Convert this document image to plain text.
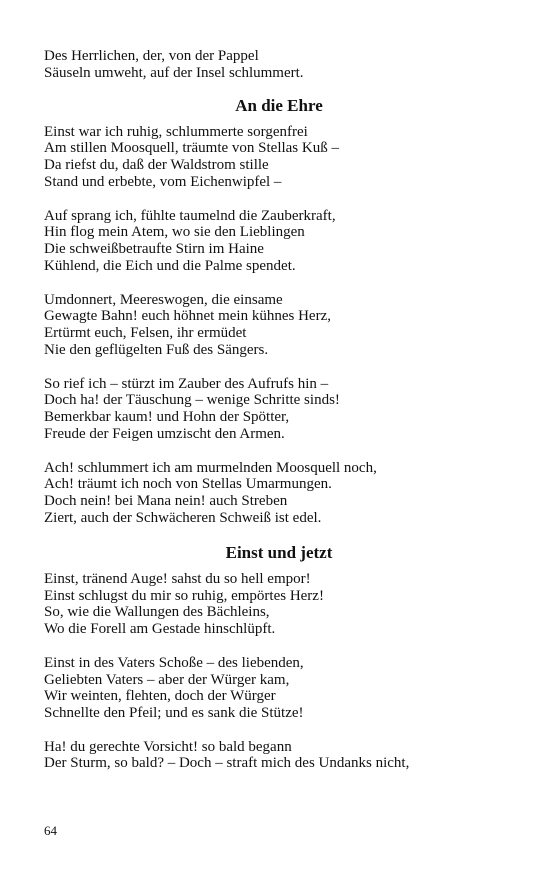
Des Herrlichen, der, von der Pappel
Säuseln umweht, auf der Insel schlummert.
An die Ehre
Einst war ich ruhig, schlummerte sorgenfrei
Am stillen Moosquell, träumte von Stellas Kuß –
Da riefst du, daß der Waldstrom stille
Stand und erbebte, vom Eichenwipfel –
Auf sprang ich, fühlte taumelnd die Zauberkraft,
Hin flog mein Atem, wo sie den Lieblingen
Die schweißbetraufte Stirn im Haine
Kühlend, die Eich und die Palme spendet.
Umdonnert, Meereswogen, die einsame
Gewagte Bahn! euch höhnet mein kühnes Herz,
Ertürmt euch, Felsen, ihr ermüdet
Nie den geflügelten Fuß des Sängers.
So rief ich – stürzt im Zauber des Aufrufs hin –
Doch ha! der Täuschung – wenige Schritte sinds!
Bemerkbar kaum! und Hohn der Spötter,
Freude der Feigen umzischt den Armen.
Ach! schlummert ich am murmelnden Moosquell noch,
Ach! träumt ich noch von Stellas Umarmungen.
Doch nein! bei Mana nein! auch Streben
Ziert, auch der Schwächeren Schweiß ist edel.
Einst und jetzt
Einst, tränend Auge! sahst du so hell empor!
Einst schlugst du mir so ruhig, empörtes Herz!
So, wie die Wallungen des Bächleins,
Wo die Forell am Gestade hinschlüpft.
Einst in des Vaters Schoße – des liebenden,
Geliebten Vaters – aber der Würger kam,
Wir weinten, flehten, doch der Würger
Schnellte den Pfeil; und es sank die Stütze!
Ha! du gerechte Vorsicht! so bald begann
Der Sturm, so bald? – Doch – straft mich des Undanks nicht,
64
